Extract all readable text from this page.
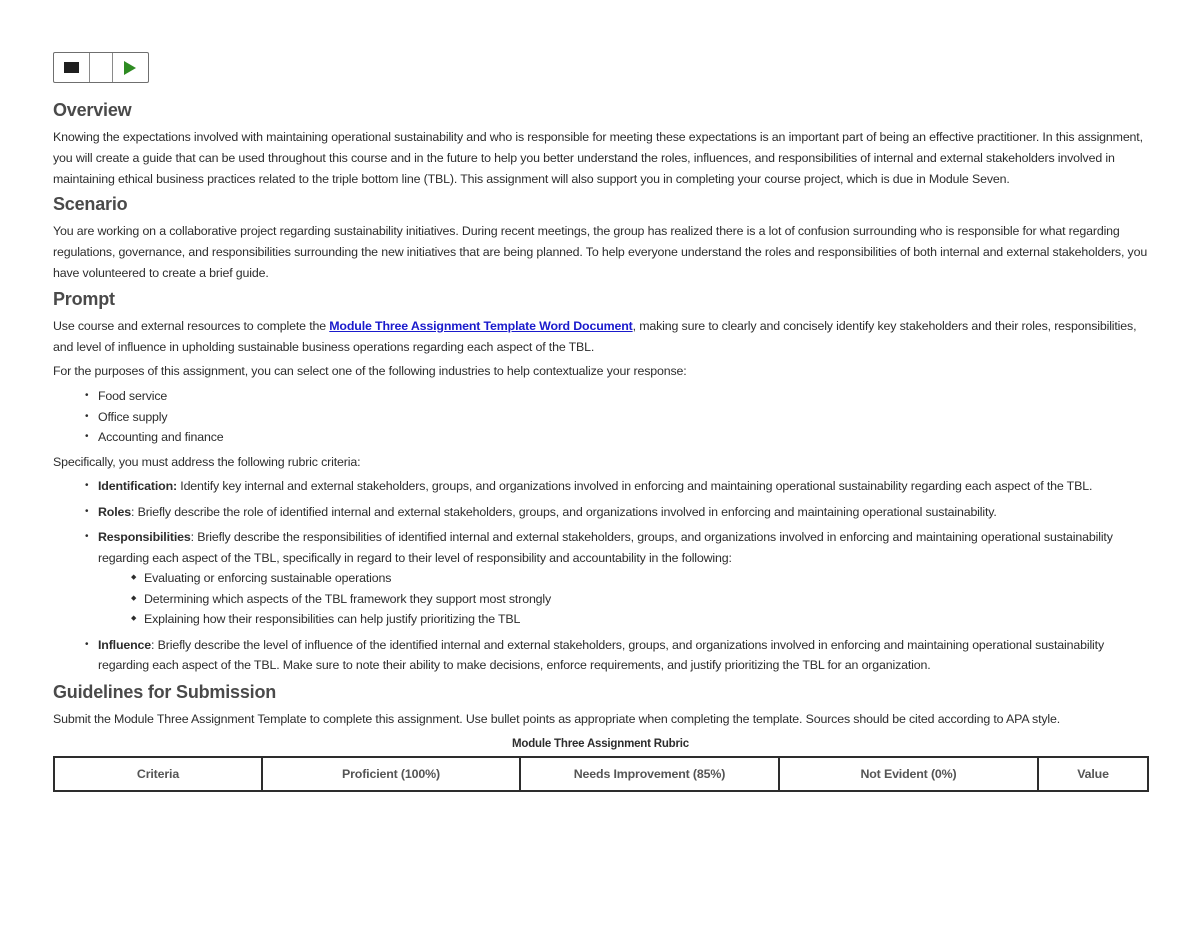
Overview

Knowing the expectations involved with maintaining operational sustainability and who is responsible for meeting these expectations is an important part of being an effective practitioner. In this assignment, you will create a guide that can be used throughout this course and in the future to help you better understand the roles, influences, and responsibilities of internal and external stakeholders involved in maintaining ethical business practices related to the triple bottom line (TBL). This assignment will also support you in completing your course project, which is due in Module Seven.

Scenario

You are working on a collaborative project regarding sustainability initiatives. During recent meetings, the group has realized there is a lot of confusion surrounding who is responsible for what regarding regulations, governance, and responsibilities surrounding the new initiatives that are being planned. To help everyone understand the roles and responsibilities of both internal and external stakeholders, you have volunteered to create a brief guide.

Prompt

Use course and external resources to complete the Module Three Assignment Template Word Document, making sure to clearly and concisely identify key stakeholders and their roles, responsibilities, and level of influence in upholding sustainable business operations regarding each aspect of the TBL.

For the purposes of this assignment, you can select one of the following industries to help contextualize your response:

• Food service
• Office supply
• Accounting and finance

Specifically, you must address the following rubric criteria:

• Identification: Identify key internal and external stakeholders, groups, and organizations involved in enforcing and maintaining operational sustainability regarding each aspect of the TBL.
• Roles: Briefly describe the role of identified internal and external stakeholders, groups, and organizations involved in enforcing and maintaining operational sustainability.
• Responsibilities: Briefly describe the responsibilities of identified internal and external stakeholders, groups, and organizations involved in enforcing and maintaining operational sustainability regarding each aspect of the TBL, specifically in regard to their level of responsibility and accountability in the following:
◆ Evaluating or enforcing sustainable operations
◆ Determining which aspects of the TBL framework they support most strongly
◆ Explaining how their responsibilities can help justify prioritizing the TBL
• Influence: Briefly describe the level of influence of the identified internal and external stakeholders, groups, and organizations involved in enforcing and maintaining operational sustainability regarding each aspect of the TBL. Make sure to note their ability to make decisions, enforce requirements, and justify prioritizing the TBL for an organization.
Guidelines for Submission

Submit the Module Three Assignment Template to complete this assignment. Use bullet points as appropriate when completing the template. Sources should be cited according to APA style.

Module Three Assignment Rubric
Criteria	Proficient (100%)	Needs Improvement (85%)	Not Evident (0%)	Value
